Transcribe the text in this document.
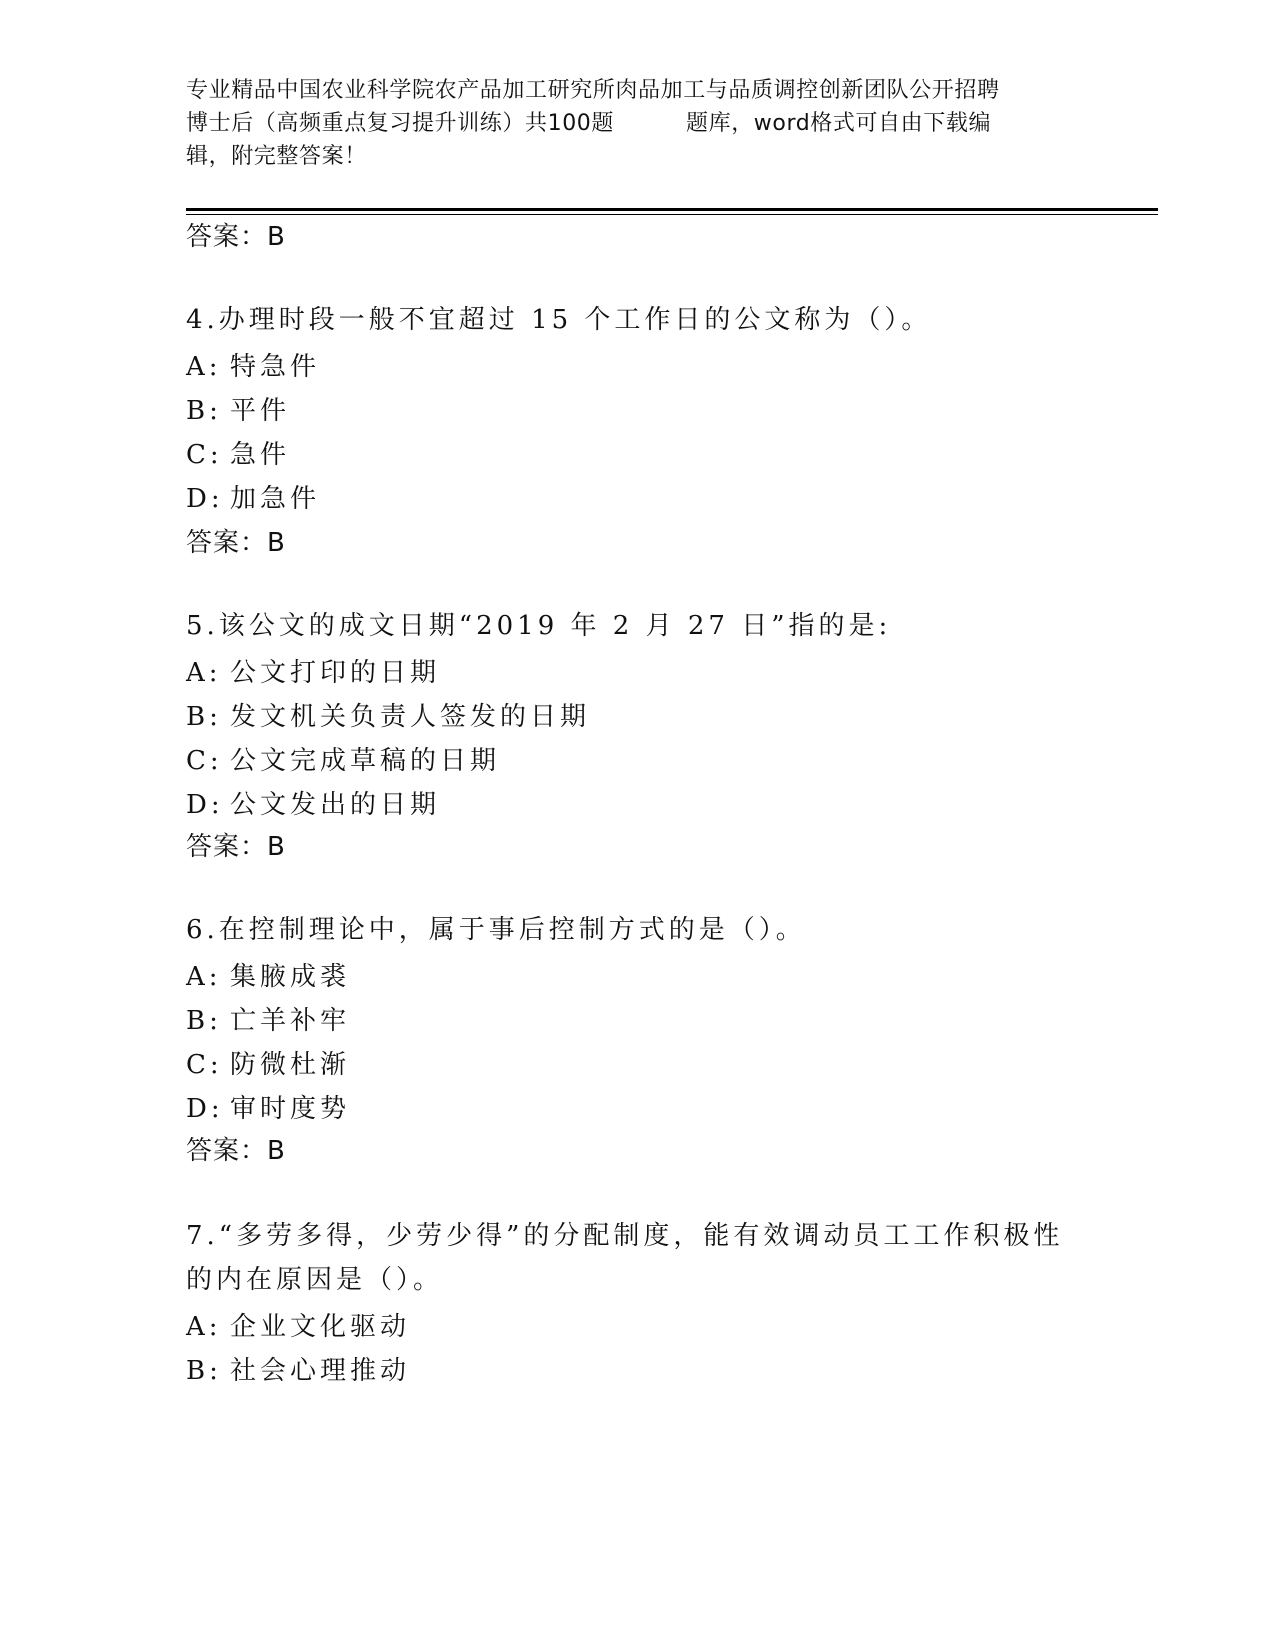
专业精品中国农业科学院农产品加工研究所肉品加工与品质调控创新团队公开招聘
博士后（高频重点复习提升训练）共100题	题库，word格式可自由下载编
辑，附完整答案！
答案：B
4.办理时段一般不宜超过 15 个工作日的公文称为（）。
A: 特急件
B: 平件
C: 急件
D: 加急件
答案：B
5.该公文的成文日期“2019 年 2 月 27 日”指的是:
A: 公文打印的日期
B: 发文机关负责人签发的日期
C: 公文完成草稿的日期
D: 公文发出的日期
答案：B
6.在控制理论中，属于事后控制方式的是（）。
A: 集腋成裘
B: 亡羊补牢
C: 防微杜渐
D: 审时度势
答案：B
7.“多劳多得，少劳少得”的分配制度，能有效调动员工工作积极性
的内在原因是（）。
A: 企业文化驱动
B: 社会心理推动
